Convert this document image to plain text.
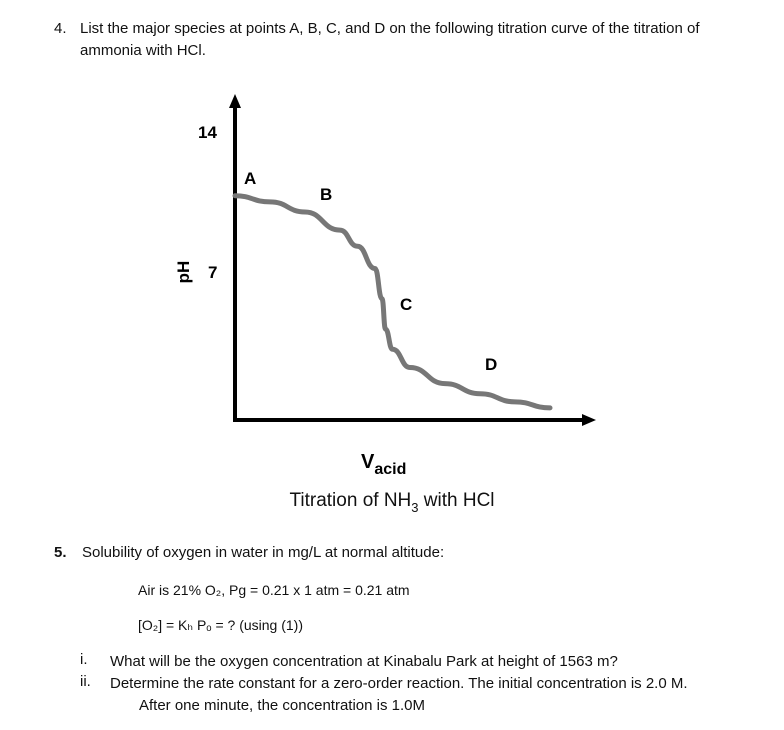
4. List the major species at points A, B, C, and D on the following titration curve of the titration of ammonia with HCl.
14
7
pH
A
B
C
D
Vacid
Titration of $NH_3$ with HCl
5. Solubility of oxygen in water in mg/L at normal altitude:
Air is 21% O₂, Pg = 0.21 x 1 atm = 0.21 atm
[O₂] = Kₕ Pₒ = ? (using (1))
i. What will be the oxygen concentration at Kinabalu Park at height of 1563 m?
ii. Determine the rate constant for a zero-order reaction. The initial concentration is 2.0 M.
After one minute, the concentration is 1.0M
